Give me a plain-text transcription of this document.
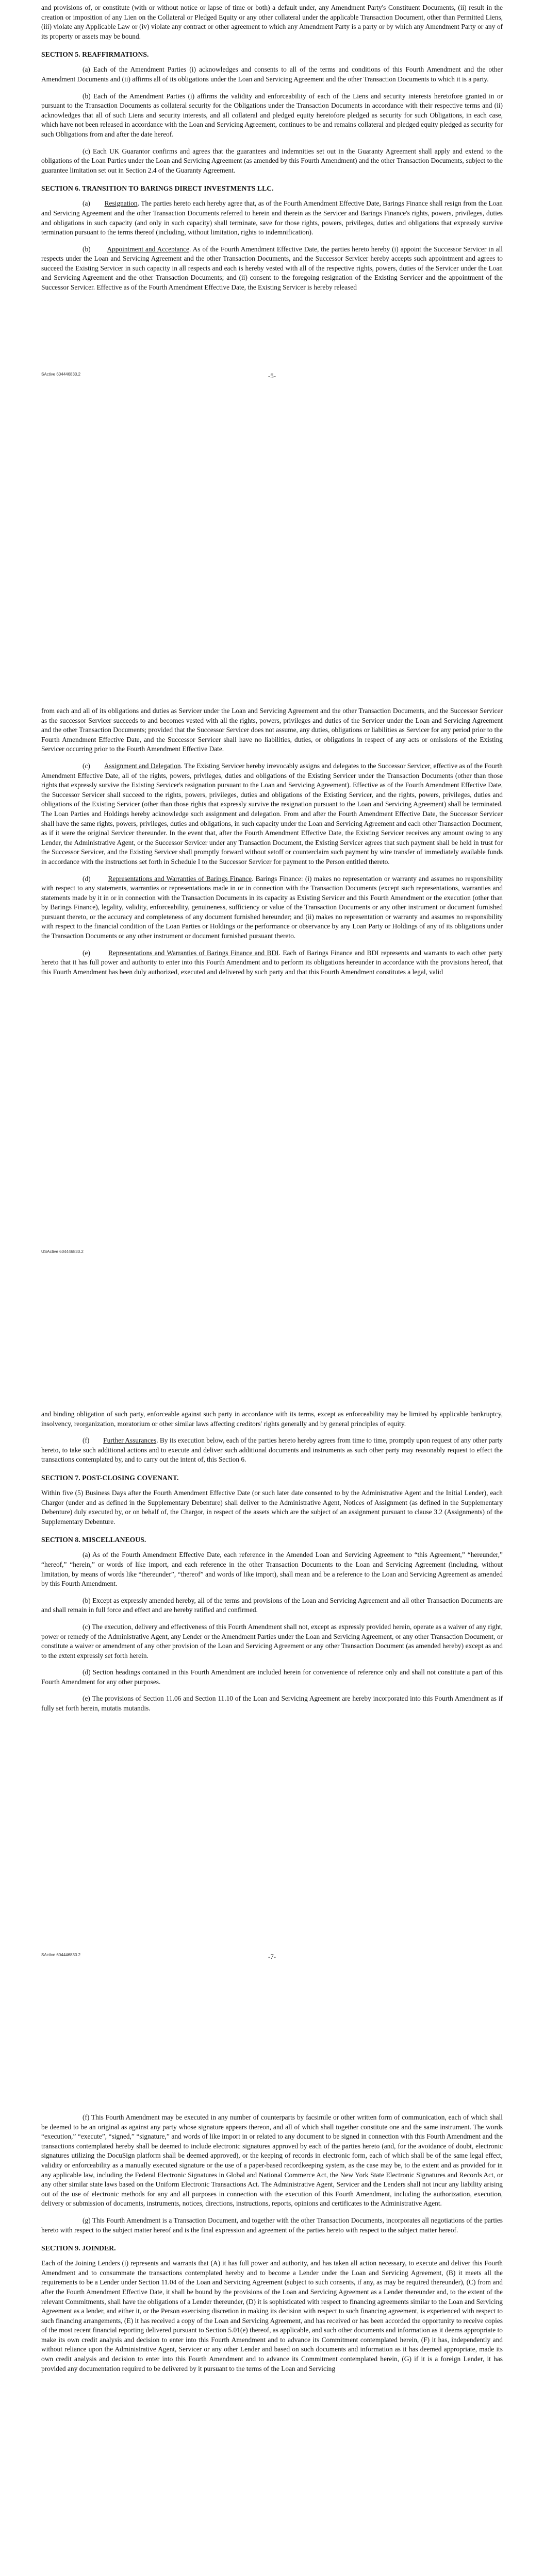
and provisions of, or constitute (with or without notice or lapse of time or both) a default under, any Amendment Party's Constituent Documents, (ii) result in the creation or imposition of any Lien on the Collateral or Pledged Equity or any other collateral under the applicable Transaction Document, other than Permitted Liens, (iii) violate any Applicable Law or (iv) violate any contract or other agreement to which any Amendment Party is a party or by which any Amendment Party or any of its property or assets may be bound.

SECTION 5. REAFFIRMATIONS.

(a) Each of the Amendment Parties (i) acknowledges and consents to all of the terms and conditions of this Fourth Amendment and the other Amendment Documents and (ii) affirms all of its obligations under the Loan and Servicing Agreement and the other Transaction Documents to which it is a party.

(b) Each of the Amendment Parties (i) affirms the validity and enforceability of each of the Liens and security interests heretofore granted in or pursuant to the Transaction Documents as collateral security for the Obligations under the Transaction Documents in accordance with their respective terms and (ii) acknowledges that all of such Liens and security interests, and all collateral and pledged equity heretofore pledged as security for such Obligations, in each case, which have not been released in accordance with the Loan and Servicing Agreement, continues to be and remains collateral and pledged equity pledged as security for such Obligations from and after the date hereof.

(c) Each UK Guarantor confirms and agrees that the guarantees and indemnities set out in the Guaranty Agreement shall apply and extend to the obligations of the Loan Parties under the Loan and Servicing Agreement (as amended by this Fourth Amendment) and the other Transaction Documents, subject to the guarantee limitation set out in Section 2.4 of the Guaranty Agreement.

SECTION 6. TRANSITION TO BARINGS DIRECT INVESTMENTS LLC.

(a) Resignation. The parties hereto each hereby agree that, as of the Fourth Amendment Effective Date, Barings Finance shall resign from the Loan and Servicing Agreement and the other Transaction Documents referred to herein and therein as the Servicer and Barings Finance's rights, powers, privileges, duties and obligations in such capacity (and only in such capacity) shall terminate, save for those rights, powers, privileges, duties and obligations that expressly survive termination pursuant to the terms thereof (including, without limitation, rights to indemnification).

(b) Appointment and Acceptance. As of the Fourth Amendment Effective Date, the parties hereto hereby (i) appoint the Successor Servicer in all respects under the Loan and Servicing Agreement and the other Transaction Documents, and the Successor Servicer hereby accepts such appointment and agrees to succeed the Existing Servicer in such capacity in all respects and each is hereby vested with all of the respective rights, powers, duties of the Servicer under the Loan and Servicing Agreement and the other Transaction Documents; and (ii) consent to the foregoing resignation of the Existing Servicer and the appointment of the Successor Servicer. Effective as of the Fourth Amendment Effective Date, the Existing Servicer is hereby released

-5-
SActive 604446830.2

from each and all of its obligations and duties as Servicer under the Loan and Servicing Agreement and the other Transaction Documents, and the Successor Servicer as the successor Servicer succeeds to and becomes vested with all the rights, powers, privileges and duties of the Servicer under the Loan and Servicing Agreement and the other Transaction Documents; provided that the Successor Servicer does not assume, any duties, obligations or liabilities as Servicer for any period prior to the Fourth Amendment Effective Date, and the Successor Servicer shall have no liabilities, duties, or obligations in respect of any acts or omissions of the Existing Servicer occurring prior to the Fourth Amendment Effective Date.

(c) Assignment and Delegation. The Existing Servicer hereby irrevocably assigns and delegates to the Successor Servicer, effective as of the Fourth Amendment Effective Date, all of the rights, powers, privileges, duties and obligations of the Existing Servicer under the Transaction Documents (other than those rights that expressly survive the Existing Servicer's resignation pursuant to the Loan and Servicing Agreement). Effective as of the Fourth Amendment Effective Date, the Successor Servicer shall succeed to the rights, powers, privileges, duties and obligations of the Existing Servicer, and the rights, powers, privileges, duties and obligations of the Existing Servicer (other than those rights that expressly survive the resignation pursuant to the Loan and Servicing Agreement) shall be terminated. The Loan Parties and Holdings hereby acknowledge such assignment and delegation. From and after the Fourth Amendment Effective Date, the Successor Servicer shall have the same rights, powers, privileges, duties and obligations, in such capacity under the Loan and Servicing Agreement and each other Transaction Document, as if it were the original Servicer thereunder. In the event that, after the Fourth Amendment Effective Date, the Existing Servicer receives any amount owing to any Lender, the Administrative Agent, or the Successor Servicer under any Transaction Document, the Existing Servicer agrees that such payment shall be held in trust for the Successor Servicer, and the Existing Servicer shall promptly forward without setoff or counterclaim such payment by wire transfer of immediately available funds in accordance with the instructions set forth in Schedule I to the Successor Servicer for payment to the Person entitled thereto.

(d)	Representations and Warranties of Barings Finance. Barings Finance: (i) makes no representation or warranty and assumes no responsibility with respect to any statements, warranties or representations made in or in connection with the Transaction Documents (except such representations, warranties and statements made by it in or in connection with the Transaction Documents in its capacity as Existing Servicer and this Fourth Amendment or the execution (other than by Barings Finance), legality, validity, enforceability, genuineness, sufficiency or value of the Transaction Documents or any other instrument or document furnished pursuant thereto, or the accuracy and completeness of any document furnished hereunder; and (ii) makes no representation or warranty and assumes no responsibility with respect to the financial condition of the Loan Parties or Holdings or the performance or observance by any Loan Party or Holdings of any of its obligations under the Transaction Documents or any other instrument or document furnished pursuant thereto.

(e)	Representations and Warranties of Barings Finance and BDI. Each of Barings Finance and BDI represents and warrants to each other party hereto that it has full power and authority to enter into this Fourth Amendment and to perform its obligations hereunder in accordance with the provisions hereof, that this Fourth Amendment has been duly authorized, executed and delivered by such party and that this Fourth Amendment constitutes a legal, valid

USActive 604446830.2

and binding obligation of such party, enforceable against such party in accordance with its terms, except as enforceability may be limited by applicable bankruptcy, insolvency, reorganization, moratorium or other similar laws affecting creditors' rights generally and by general principles of equity.

(f) Further Assurances. By its execution below, each of the parties hereto hereby agrees from time to time, promptly upon request of any other party hereto, to take such additional actions and to execute and deliver such additional documents and instruments as such other party may reasonably request to effect the transactions contemplated by, and to carry out the intent of, this Section 6.

SECTION 7. POST-CLOSING COVENANT.

Within five (5) Business Days after the Fourth Amendment Effective Date (or such later date consented to by the Administrative Agent and the Initial Lender), each Chargor (under and as defined in the Supplementary Debenture) shall deliver to the Administrative Agent, Notices of Assignment (as defined in the Supplementary Debenture) duly executed by, or on behalf of, the Chargor, in respect of the assets which are the subject of an assignment pursuant to clause 3.2 (Assignments) of the Supplementary Debenture.

SECTION 8. MISCELLANEOUS.

(a) As of the Fourth Amendment Effective Date, each reference in the Amended Loan and Servicing Agreement to “this Agreement,” “hereunder,” “hereof,” “herein,” or words of like import, and each reference in the other Transaction Documents to the Loan and Servicing Agreement (including, without limitation, by means of words like “thereunder”, “thereof” and words of like import), shall mean and be a reference to the Loan and Servicing Agreement as amended by this Fourth Amendment.

(b) Except as expressly amended hereby, all of the terms and provisions of the Loan and Servicing Agreement and all other Transaction Documents are and shall remain in full force and effect and are hereby ratified and confirmed.

(c) The execution, delivery and effectiveness of this Fourth Amendment shall not, except as expressly provided herein, operate as a waiver of any right, power or remedy of the Administrative Agent, any Lender or the Amendment Parties under the Loan and Servicing Agreement, or any other Transaction Document, or constitute a waiver or amendment of any other provision of the Loan and Servicing Agreement or any other Transaction Document (as amended hereby) except as and to the extent expressly set forth herein.

(d) Section headings contained in this Fourth Amendment are included herein for convenience of reference only and shall not constitute a part of this Fourth Amendment for any other purposes.

(e) The provisions of Section 11.06 and Section 11.10 of the Loan and Servicing Agreement are hereby incorporated into this Fourth Amendment as if fully set forth herein, mutatis mutandis.

-7-
SActive 604446830.2

(f) This Fourth Amendment may be executed in any number of counterparts by facsimile or other written form of communication, each of which shall be deemed to be an original as against any party whose signature appears thereon, and all of which shall together constitute one and the same instrument. The words “execution,” “execute”, “signed,” “signature,” and words of like import in or related to any document to be signed in connection with this Fourth Amendment and the transactions contemplated hereby shall be deemed to include electronic signatures approved by each of the parties hereto (and, for the avoidance of doubt, electronic signatures utilizing the DocuSign platform shall be deemed approved), or the keeping of records in electronic form, each of which shall be of the same legal effect, validity or enforceability as a manually executed signature or the use of a paper-based recordkeeping system, as the case may be, to the extent and as provided for in any applicable law, including the Federal Electronic Signatures in Global and National Commerce Act, the New York State Electronic Signatures and Records Act, or any other similar state laws based on the Uniform Electronic Transactions Act. The Administrative Agent, Servicer and the Lenders shall not incur any liability arising out of the use of electronic methods for any and all purposes in connection with the execution of this Fourth Amendment, including the authorization, execution, delivery or submission of documents, instruments, notices, directions, instructions, reports, opinions and certificates to the Administrative Agent.

(g) This Fourth Amendment is a Transaction Document, and together with the other Transaction Documents, incorporates all negotiations of the parties hereto with respect to the subject matter hereof and is the final expression and agreement of the parties hereto with respect to the subject matter hereof.

SECTION 9. JOINDER.

Each of the Joining Lenders (i) represents and warrants that (A) it has full power and authority, and has taken all action necessary, to execute and deliver this Fourth Amendment and to consummate the transactions contemplated hereby and to become a Lender under the Loan and Servicing Agreement, (B) it meets all the requirements to be a Lender under Section 11.04 of the Loan and Servicing Agreement (subject to such consents, if any, as may be required thereunder), (C) from and after the Fourth Amendment Effective Date, it shall be bound by the provisions of the Loan and Servicing Agreement as a Lender thereunder and, to the extent of the relevant Commitments, shall have the obligations of a Lender thereunder, (D) it is sophisticated with respect to financing agreements similar to the Loan and Servicing Agreement as a lender, and either it, or the Person exercising discretion in making its decision with respect to such financing agreement, is experienced with respect to such financing arrangements, (E) it has received a copy of the Loan and Servicing Agreement, and has received or has been accorded the opportunity to receive copies of the most recent financial reporting delivered pursuant to Section 5.01(e) thereof, as applicable, and such other documents and information as it deems appropriate to make its own credit analysis and decision to enter into this Fourth Amendment and to advance its Commitment contemplated herein, (F) it has, independently and without reliance upon the Administrative Agent, Servicer or any other Lender and based on such documents and information as it has deemed appropriate, made its own credit analysis and decision to enter into this Fourth Amendment and to advance its Commitment contemplated herein, (G) if it is a foreign Lender, it has provided any documentation required to be delivered by it pursuant to the terms of the Loan and Servicing
